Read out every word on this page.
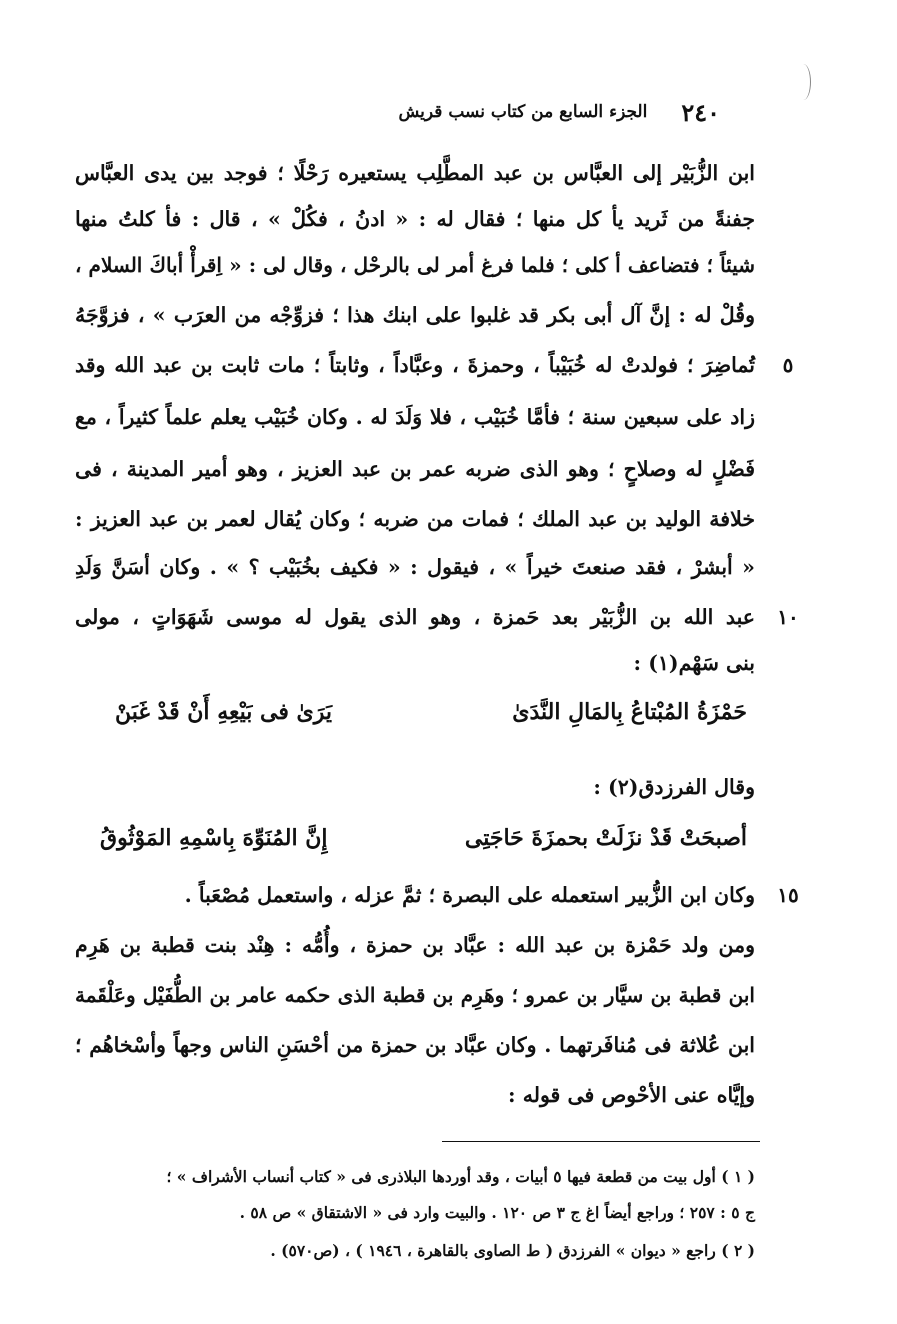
٢٤٠
الجزء السابع من كتاب نسب قريش
ابن الزُّبَيْر إلى العبَّاس بن عبد المطَّلِب يستعيره رَحْلًا ؛ فوجد بين يدى العبَّاس
جفنةً من ثَريد يأ كل منها ؛ فقال له : « ادنُ ، فكُلْ » ، قال : فأ كلتُ منها
شيئاً ؛ فتضاعف أ كلى ؛ فلما فرغ أمر لى بالرحْل ، وقال لى : « اِقرأْ أباكَ السلام ،
وقُلْ له : إنَّ آل أبى بكر قد غلبوا على ابنك هذا ؛ فزوِّجْه من العرَب » ، فزوَّجَهُ
تُماضِرَ ؛ فولدتْ له خُبَيْباً ، وحمزةَ ، وعبَّاداً ، وثابتاً ؛ مات ثابت بن عبد الله وقد	٥
زاد على سبعين سنة ؛ فأمَّا خُبَيْب ، فلا وَلَدَ له . وكان خُبَيْب يعلم علماً كثيراً ، مع
فَضْلٍ له وصلاحٍ ؛ وهو الذى ضربه عمر بن عبد العزيز ، وهو أمير المدينة ، فى
خلافة الوليد بن عبد الملك ؛ فمات من ضربه ؛ وكان يُقال لعمر بن عبد العزيز :
« أبشرْ ، فقد صنعتَ خيراً » ، فيقول : « فكيف بخُبَيْب ؟ » . وكان أسَنَّ وَلَدِ
عبد الله بن الزُّبَيْر بعد حَمزة ، وهو الذى يقول له موسى شَهَوَاتٍ ، مولى	١٠
بنى سَهْم(١) :
حَمْزَةُ المُبْتاعُ بِالمَالِ النَّدَىٰ
يَرَىٰ فى بَيْعِهِ أَنْ قَدْ غَبَنْ
وقال الفرزدق(٢) :
أصبحَتْ قَدْ نزَلَتْ بحمزَةَ حَاجَتِى
إِنَّ المُنَوِّهَ بِاسْمِهِ المَوْثُوقُ
وكان ابن الزُّبير استعمله على البصرة ؛ ثمَّ عزله ، واستعمل مُصْعَباً .	١٥
ومن ولد حَمْزة بن عبد الله : عبَّاد بن حمزة ، وأُمُّه : هِنْد بنت قطبة بن هَرِم
ابن قطبة بن سيَّار بن عمرو ؛ وهَرِم بن قطبة الذى حكمه عامر بن الطُّفَيْل وعَلْقَمة
ابن عُلاثة فى مُنافَرتهما . وكان عبَّاد بن حمزة من أحْسَنِ الناس وجهاً وأسْخاهُم ؛
وإيَّاه عنى الأحْوص فى قوله :
( ١ ) أول بيت من قطعة فيها ٥ أبيات ، وقد أوردها البلاذرى فى « كتاب أنساب الأشراف » ؛
ج ٥ : ٢٥٧ ؛ وراجع أيضاً اغ ج ٣ ص ١٢٠ . والبيت وارد فى « الاشتقاق » ص ٥٨ .
( ٢ ) راجع « ديوان » الفرزدق ( ط الصاوى بالقاهرة ، ١٩٤٦ ) ، (ص٥٧٠) .
